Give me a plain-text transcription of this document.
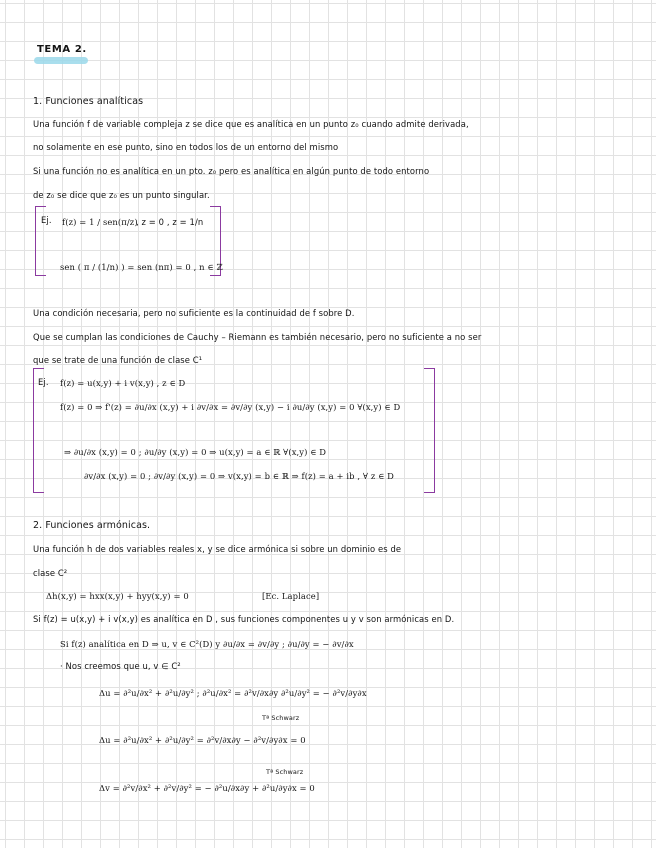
TEMA 2.
1. Funciones analíticas
Una función f de variable compleja z se dice que es analítica en un punto z₀ cuando admite derivada,
no solamente en ese punto, sino en todos los de un entorno del mismo
Si una función no es analítica en un pto. z₀ pero es analítica en algún punto de todo entorno
de z₀ se dice que z₀ es un punto singular.
Ej. f(z) = 1 / sen(π/z)
, z = 0 , z = 1/n
sen ( π / (1/n) ) = sen (nπ) = 0 , n ∈ ℤ
Una condición necesaria, pero no suficiente es la continuidad de f sobre D.
Que se cumplan las condiciones de Cauchy – Riemann es también necesario, pero no suficiente a no ser
que se trate de una función de clase C¹
Ej. f(z) = u(x,y) + i v(x,y) , z ∈ D
f(z) = 0 ⇒ f'(z) = ∂u/∂x (x,y) + i ∂v/∂x = ∂v/∂y (x,y) − i ∂u/∂y (x,y) = 0 ∀(x,y) ∈ D
⇒ ∂u/∂x (x,y) = 0 ; ∂u/∂y (x,y) = 0 ⇒ u(x,y) = a ∈ ℝ ∀(x,y) ∈ D
∂v/∂x (x,y) = 0 ; ∂v/∂y (x,y) = 0 ⇒ v(x,y) = b ∈ ℝ ⇒ f(z) = a + ib , ∀ z ∈ D
2. Funciones armónicas.
Una función h de dos variables reales x, y se dice armónica si sobre un dominio es de
clase C²
Δh(x,y) = hxx(x,y) + hyy(x,y) = 0	[Ec. Laplace]
Si f(z) = u(x,y) + i v(x,y) es analítica en D , sus funciones componentes u y v son armónicas en D.
Si f(z) analítica en D ⇒ u, v ∈ C²(D) y ∂u/∂x = ∂v/∂y ; ∂u/∂y = − ∂v/∂x
· Nos creemos que u, v ∈ C²
Δu = ∂²u/∂x² + ∂²u/∂y² ; ∂²u/∂x² = ∂²v/∂x∂y ∂²u/∂y² = − ∂²v/∂y∂x
Tª Schwarz
Δu = ∂²u/∂x² + ∂²u/∂y² = ∂²v/∂x∂y − ∂²v/∂y∂x = 0
Tª Schwarz
Δv = ∂²v/∂x² + ∂²v/∂y² = − ∂²u/∂x∂y + ∂²u/∂y∂x = 0
